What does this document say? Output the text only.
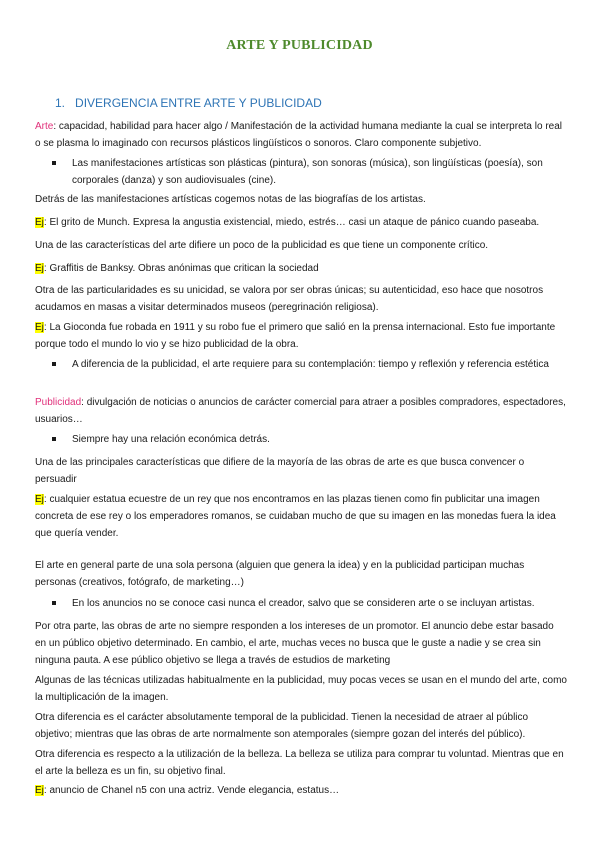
ARTE Y PUBLICIDAD
1. DIVERGENCIA ENTRE ARTE Y PUBLICIDAD
Arte: capacidad, habilidad para hacer algo / Manifestación de la actividad humana mediante la cual se interpreta lo real o se plasma lo imaginado con recursos plásticos lingüísticos o sonoros. Claro componente subjetivo.
Las manifestaciones artísticas son plásticas (pintura), son sonoras (música), son lingüísticas (poesía), son corporales (danza) y son audiovisuales (cine).
Detrás de las manifestaciones artísticas cogemos notas de las biografías de los artistas.
Ej: El grito de Munch. Expresa la angustia existencial, miedo, estrés… casi un ataque de pánico cuando paseaba.
Una de las características del arte difiere un poco de la publicidad es que tiene un componente crítico.
Ej: Graffitis de Banksy. Obras anónimas que critican la sociedad
Otra de las particularidades es su unicidad, se valora por ser obras únicas; su autenticidad, eso hace que nosotros acudamos en masas a visitar determinados museos (peregrinación religiosa).
Ej: La Gioconda fue robada en 1911 y su robo fue el primero que salió en la prensa internacional. Esto fue importante porque todo el mundo lo vio y se hizo publicidad de la obra.
A diferencia de la publicidad, el arte requiere para su contemplación: tiempo y reflexión y referencia estética
Publicidad: divulgación de noticias o anuncios de carácter comercial para atraer a posibles compradores, espectadores, usuarios…
Siempre hay una relación económica detrás.
Una de las principales características que difiere de la mayoría de las obras de arte es que busca convencer o persuadir
Ej: cualquier estatua ecuestre de un rey que nos encontramos en las plazas tienen como fin publicitar una imagen concreta de ese rey o los emperadores romanos, se cuidaban mucho de que su imagen en las monedas fuera la idea que quería vender.
El arte en general parte de una sola persona (alguien que genera la idea) y en la publicidad participan muchas personas (creativos, fotógrafo, de marketing…)
En los anuncios no se conoce casi nunca el creador, salvo que se consideren arte o se incluyan artistas.
Por otra parte, las obras de arte no siempre responden a los intereses de un promotor. El anuncio debe estar basado en un público objetivo determinado. En cambio, el arte, muchas veces no busca que le guste a nadie y se crea sin ninguna pauta. A ese público objetivo se llega a través de estudios de marketing
Algunas de las técnicas utilizadas habitualmente en la publicidad, muy pocas veces se usan en el mundo del arte, como la multiplicación de la imagen.
Otra diferencia es el carácter absolutamente temporal de la publicidad. Tienen la necesidad de atraer al público objetivo; mientras que las obras de arte normalmente son atemporales (siempre gozan del interés del público).
Otra diferencia es respecto a la utilización de la belleza. La belleza se utiliza para comprar tu voluntad. Mientras que en el arte la belleza es un fin, su objetivo final.
Ej: anuncio de Chanel n5 con una actriz. Vende elegancia, estatus…
